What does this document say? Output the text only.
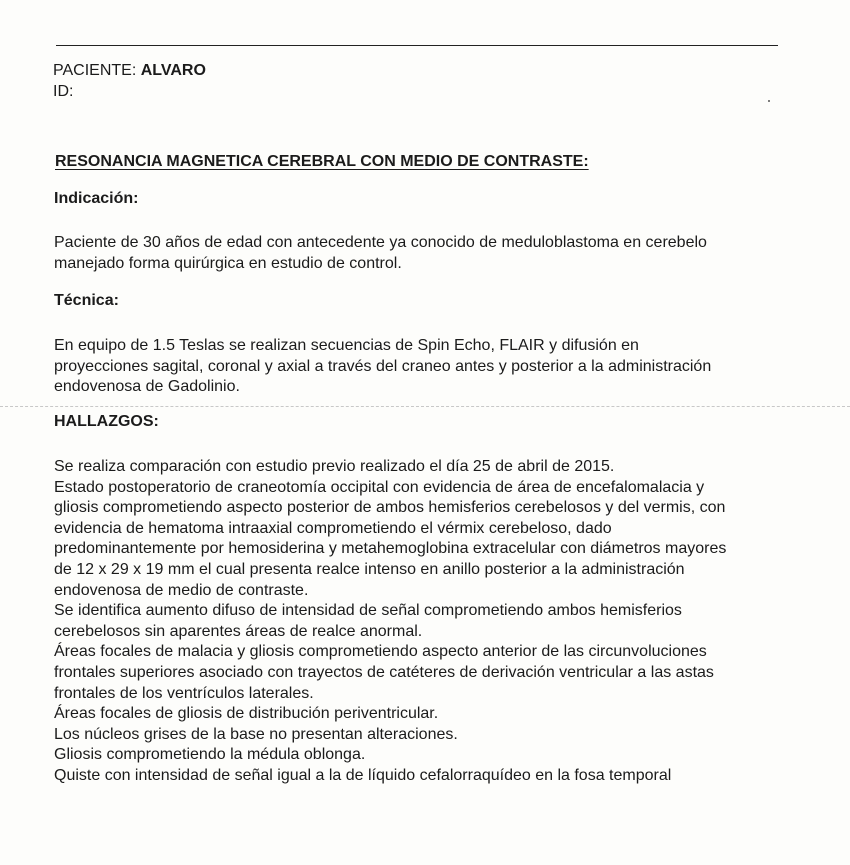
PACIENTE: ALVARO
ID:
RESONANCIA MAGNETICA CEREBRAL CON MEDIO DE CONTRASTE:
Indicación:

Paciente de 30 años de edad con antecedente ya conocido de meduloblastoma en cerebelo

manejado forma quirúrgica en estudio de control.

Técnica:

En equipo de 1.5 Teslas se realizan secuencias de Spin Echo, FLAIR y difusión en

proyecciones sagital, coronal y axial a través del craneo antes y posterior a la administración

endovenosa de Gadolinio.

HALLAZGOS:

Se realiza comparación con estudio previo realizado el día 25 de abril de 2015.

Estado postoperatorio de craneotomía occipital con evidencia de área de encefalomalacia y

gliosis comprometiendo aspecto posterior de ambos hemisferios cerebelosos y del vermis, con

evidencia de hematoma intraaxial comprometiendo el vérmix cerebeloso, dado

predominantemente por hemosiderina y metahemoglobina extracelular con diámetros mayores

de 12 x 29 x 19 mm el cual presenta realce intenso en anillo posterior a la administración

endovenosa de medio de contraste.

Se identifica aumento difuso de intensidad de señal comprometiendo ambos hemisferios

cerebelosos sin aparentes áreas de realce anormal.

Áreas focales de malacia y gliosis comprometiendo aspecto anterior de las circunvoluciones

frontales superiores asociado con trayectos de catéteres de derivación ventricular a las astas

frontales de los ventrículos laterales.

Áreas focales de gliosis de distribución periventricular.

Los núcleos grises de la base no presentan alteraciones.

Gliosis comprometiendo la médula oblonga.

Quiste con intensidad de señal igual a la de líquido cefalorraquídeo en la fosa temporal
